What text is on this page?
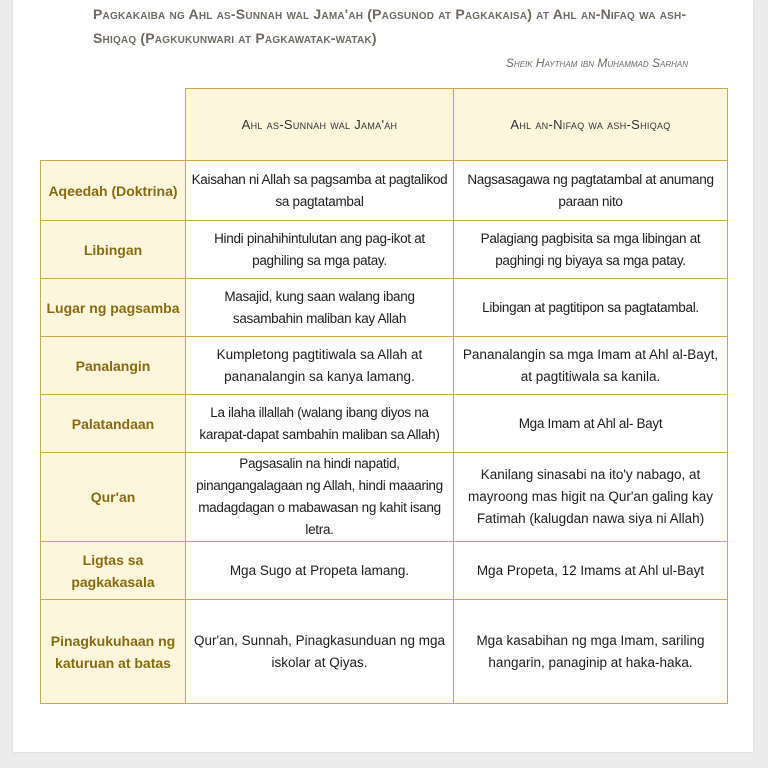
Pagkakaiba ng Ahl as-Sunnah wal Jama'ah (Pagsunod at Pagkakaisa) at Ahl an-Nifaq wa ash-Shiqaq (Pagkukunwari at Pagkawatak-watak)
Sheik Haytham ibn Muhammad Sarhan
	Ahl as-Sunnah wal Jama'ah	Ahl an-Nifaq wa ash-Shiqaq
Aqeedah (Doktrina)	Kaisahan ni Allah sa pagsamba at pagtalikod sa pagtatambal	Nagsasagawa ng pagtatambal at anumang paraan nito
Libingan	Hindi pinahihintulutan ang pag-ikot at paghiling sa mga patay.	Palagiang pagbisita sa mga libingan at paghingi ng biyaya sa mga patay.
Lugar ng pagsamba	Masajid, kung saan walang ibang sasambahin maliban kay Allah	Libingan at pagtitipon sa pagtatambal.
Panalangin	Kumpletong pagtitiwala sa Allah at pananalangin sa kanya lamang.	Pananalangin sa mga Imam at Ahl al-Bayt, at pagtitiwala sa kanila.
Palatandaan	La ilaha illallah (walang ibang diyos na karapat-dapat sambahin maliban sa Allah)	Mga Imam at Ahl al- Bayt
Qur'an	Pagsasalin na hindi napatid, pinangangalagaan ng Allah, hindi maaaring madagdagan o mabawasan ng kahit isang letra.	Kanilang sinasabi na ito'y nabago, at mayroong mas higit na Qur'an galing kay Fatimah (kalugdan nawa siya ni Allah)
Ligtas sa pagkakasala	Mga Sugo at Propeta lamang.	Mga Propeta, 12 Imams at Ahl ul-Bayt
Pinagkukuhaan ng katuruan at batas	Qur'an, Sunnah, Pinagkasunduan ng mga iskolar at Qiyas.	Mga kasabihan ng mga Imam, sariling hangarin, panaginip at haka-haka.
